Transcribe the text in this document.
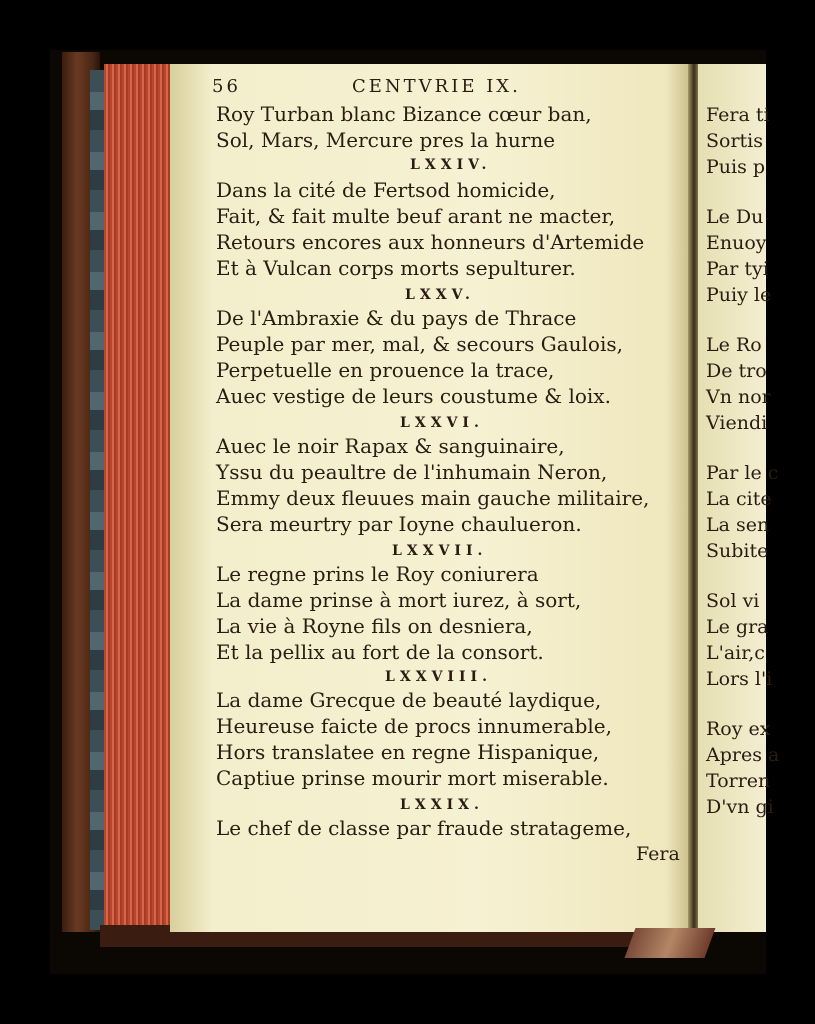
56	CENTVRIE IX.
Roy Turban blanc Bizance cœur ban,
Sol, Mars, Mercure pres la hurne
LXXIV.
Dans la cité de Fertsod homicide,
Fait, & fait multe beuf arant ne macter,
Retours encores aux honneurs d'Artemide
Et à Vulcan corps morts sepulturer.
LXXV.
De l'Ambraxie & du pays de Thrace
Peuple par mer, mal, & secours Gaulois,
Perpetuelle en prouence la trace,
Auec vestige de leurs coustume & loix.
LXXVI.
Auec le noir Rapax & sanguinaire,
Yssu du peaultre de l'inhumain Neron,
Emmy deux fleuues main gauche militaire,
Sera meurtry par Ioyne chaulueron.
LXXVII.
Le regne prins le Roy coniurera
La dame prinse à mort iurez, à sort,
La vie à Royne fils on desniera,
Et la pellix au fort de la consort.
LXXVIII.
La dame Grecque de beauté laydique,
Heureuse faicte de procs innumerable,
Hors translatee en regne Hispanique,
Captiue prinse mourir mort miserable.
LXXIX.
Le chef de classe par fraude stratageme,
Fera
Fera ti
Sortis
Puis p
Le Du
Enuoy
Par tyi
Puiy le
Le Ro
De tro
Vn nor
Viendi
Par le c
La cite
La sen
Subite
Sol vi
Le gra
L'air,c
Lors l'i
Roy ex
Apres a
Torren
D'vn gi
